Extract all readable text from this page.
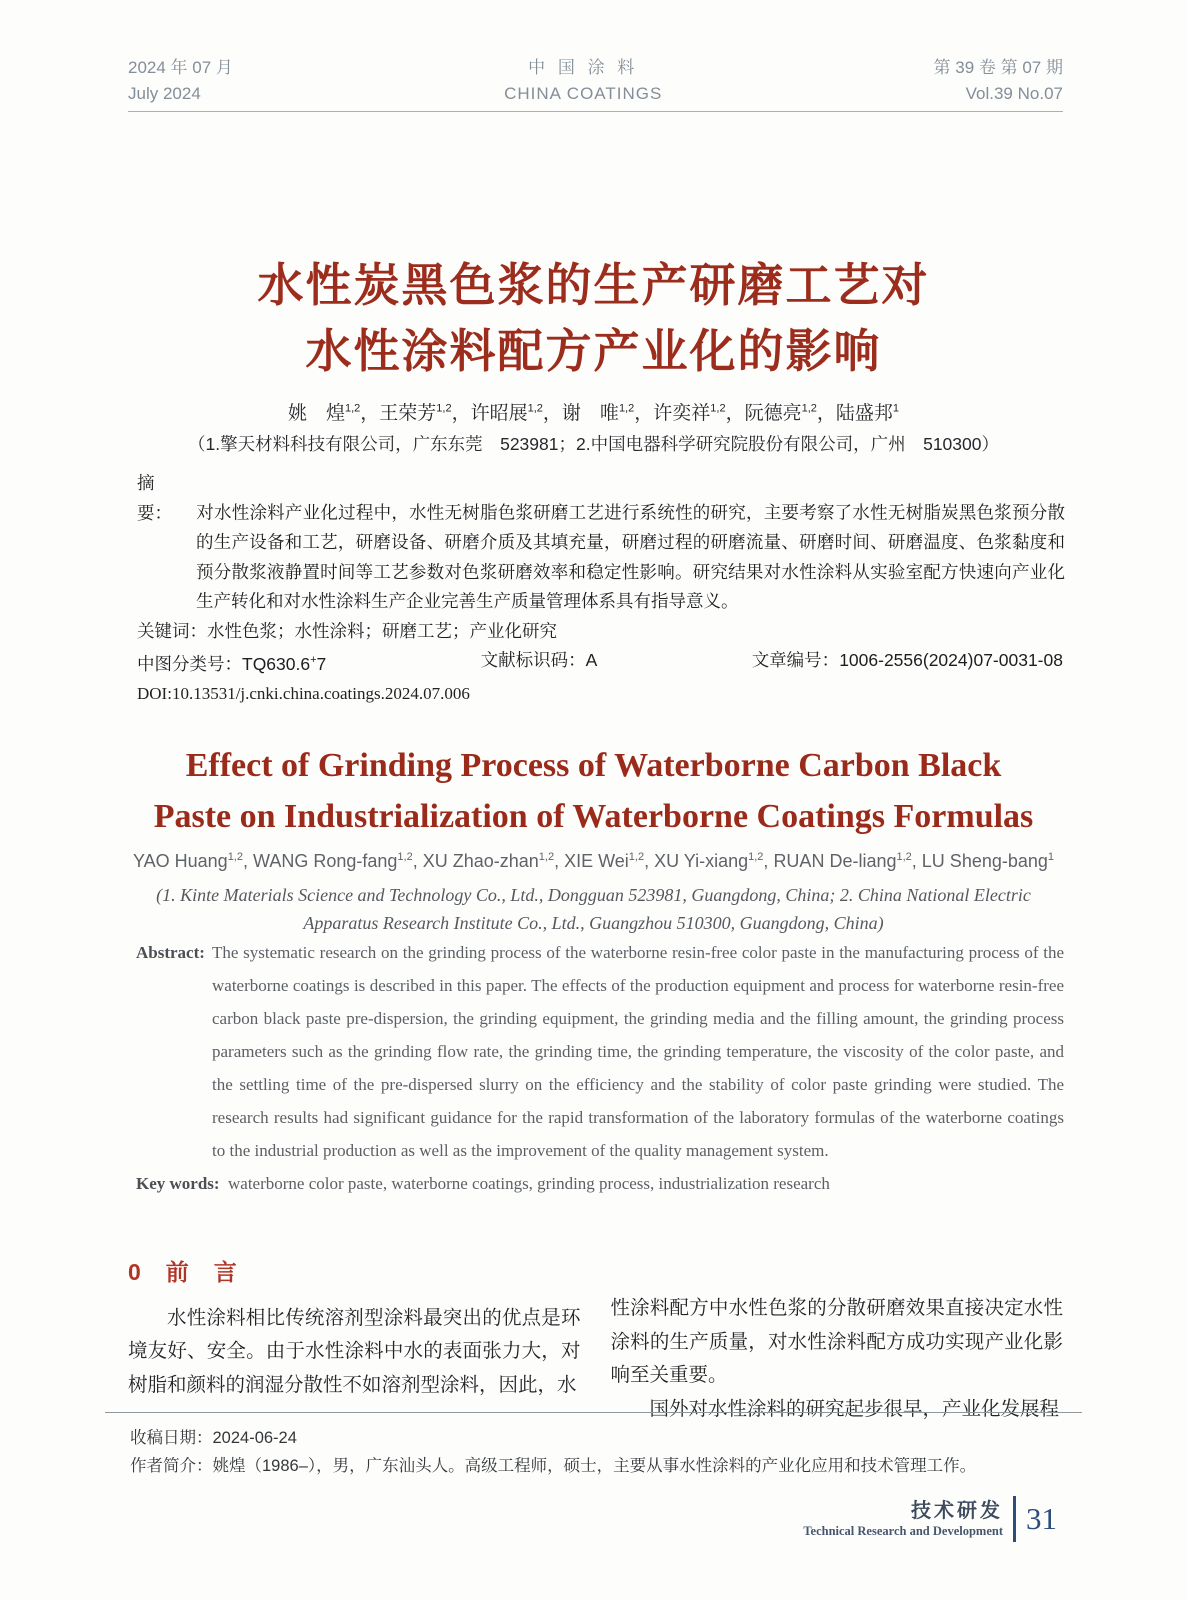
2024 年 07 月
July 2024
中 国 涂 料
CHINA COATINGS
第 39 卷 第 07 期
Vol.39 No.07
水性炭黑色浆的生产研磨工艺对
水性涂料配方产业化的影响
姚　煌$^{1,2}$，王荣芳$^{1,2}$，许昭展$^{1,2}$，谢　唯$^{1,2}$，许奕祥$^{1,2}$，阮德亮$^{1,2}$，陆盛邦$^1$
（1.擎天材料科技有限公司，广东东莞　523981；2.中国电器科学研究院股份有限公司，广州　510300）

摘　要： 对水性涂料产业化过程中，水性无树脂色浆研磨工艺进行系统性的研究，主要考察了水性无树脂炭黑色浆预分散的生产设备和工艺，研磨设备、研磨介质及其填充量，研磨过程的研磨流量、研磨时间、研磨温度、色浆黏度和预分散浆液静置时间等工艺参数对色浆研磨效率和稳定性影响。研究结果对水性涂料从实验室配方快速向产业化生产转化和对水性涂料生产企业完善生产质量管理体系具有指导意义。

关键词：水性色浆；水性涂料；研磨工艺；产业化研究

中图分类号：TQ630.6+7	文献标识码：A	文章编号：1006-2556(2024)07-0031-08

DOI:10.13531/j.cnki.china.coatings.2024.07.006

Effect of Grinding Process of Waterborne Carbon Black
Paste on Industrialization of Waterborne Coatings Formulas
YAO Huang$^{1,2}$, WANG Rong-fang$^{1,2}$, XU Zhao-zhan$^{1,2}$, XIE Wei$^{1,2}$, XU Yi-xiang$^{1,2}$, RUAN De-liang$^{1,2}$, LU Sheng-bang$^1$
(1. Kinte Materials Science and Technology Co., Ltd., Dongguan 523981, Guangdong, China; 2. China National Electric
Apparatus Research Institute Co., Ltd., Guangzhou 510300, Guangdong, China)

Abstract: The systematic research on the grinding process of the waterborne resin-free color paste in the manufacturing process of the waterborne coatings is described in this paper. The effects of the production equipment and process for waterborne resin-free carbon black paste pre-dispersion, the grinding equipment, the grinding media and the filling amount, the grinding process parameters such as the grinding flow rate, the grinding time, the grinding temperature, the viscosity of the color paste, and the settling time of the pre-dispersed slurry on the efficiency and the stability of color paste grinding were studied. The research results had significant guidance for the rapid transformation of the laboratory formulas of the waterborne coatings to the industrial production as well as the improvement of the quality management system.

Key words: waterborne color paste, waterborne coatings, grinding process, industrialization research

0　前　言

水性涂料相比传统溶剂型涂料最突出的优点是环境友好、安全。由于水性涂料中水的表面张力大，对树脂和颜料的润湿分散性不如溶剂型涂料，因此，水

性涂料配方中水性色浆的分散研磨效果直接决定水性涂料的生产质量，对水性涂料配方成功实现产业化影响至关重要。

国外对水性涂料的研究起步很早，产业化发展程

收稿日期：2024-06-24
作者简介：姚煌（1986–），男，广东汕头人。高级工程师，硕士，主要从事水性涂料的产业化应用和技术管理工作。
技术研发
Technical Research and Development 31
